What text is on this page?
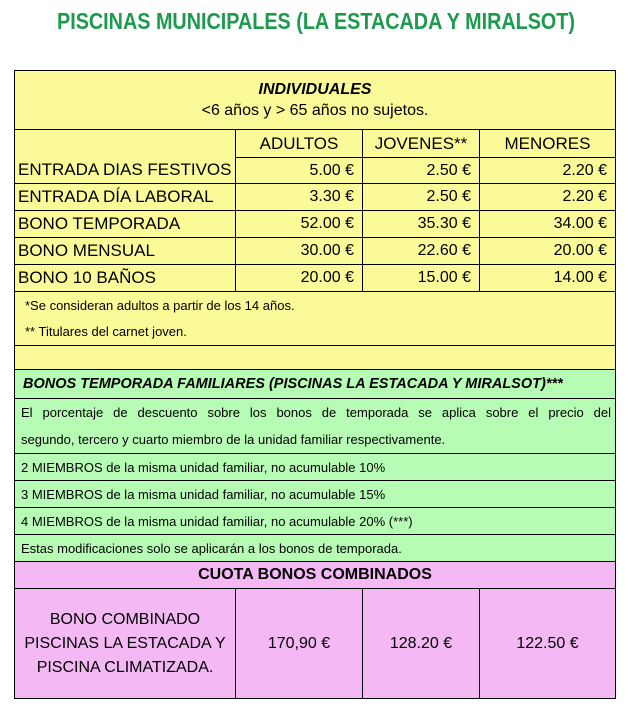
PISCINAS MUNICIPALES (LA ESTACADA Y MIRALSOT)
INDIVIDUALES
<6 años y > 65 años no sujetos.			

	ADULTOS	JOVENES**	MENORES
ENTRADA DIAS FESTIVOS	5.00 €	2.50 €	2.20 €
ENTRADA DÍA LABORAL	3.30 €	2.50 €	2.20 €
BONO TEMPORADA	52.00 €	35.30 €	34.00 €
BONO MENSUAL	30.00 €	22.60 €	20.00 €
BONO 10 BAÑOS	20.00 €	15.00 €	14.00 €
*Se consideran adultos a partir de los 14 años.			
** Titulares del carnet joven.			

BONOS TEMPORADA FAMILIARES (PISCINAS LA ESTACADA Y MIRALSOT)***			
El porcentaje de descuento sobre los bonos de temporada se aplica sobre el precio del			
segundo, tercero y cuarto miembro de la unidad familiar respectivamente.			
2 MIEMBROS de la misma unidad familiar, no acumulable 10%			
3 MIEMBROS de la misma unidad familiar, no acumulable 15%			
4 MIEMBROS de la misma unidad familiar, no acumulable 20% (***)			
Estas modificaciones solo se aplicarán a los bonos de temporada.			
CUOTA BONOS COMBINADOS			

BONO COMBINADO
PISCINAS LA ESTACADA Y
PISCINA CLIMATIZADA.	170,90 €	128.20 €	122.50 €
